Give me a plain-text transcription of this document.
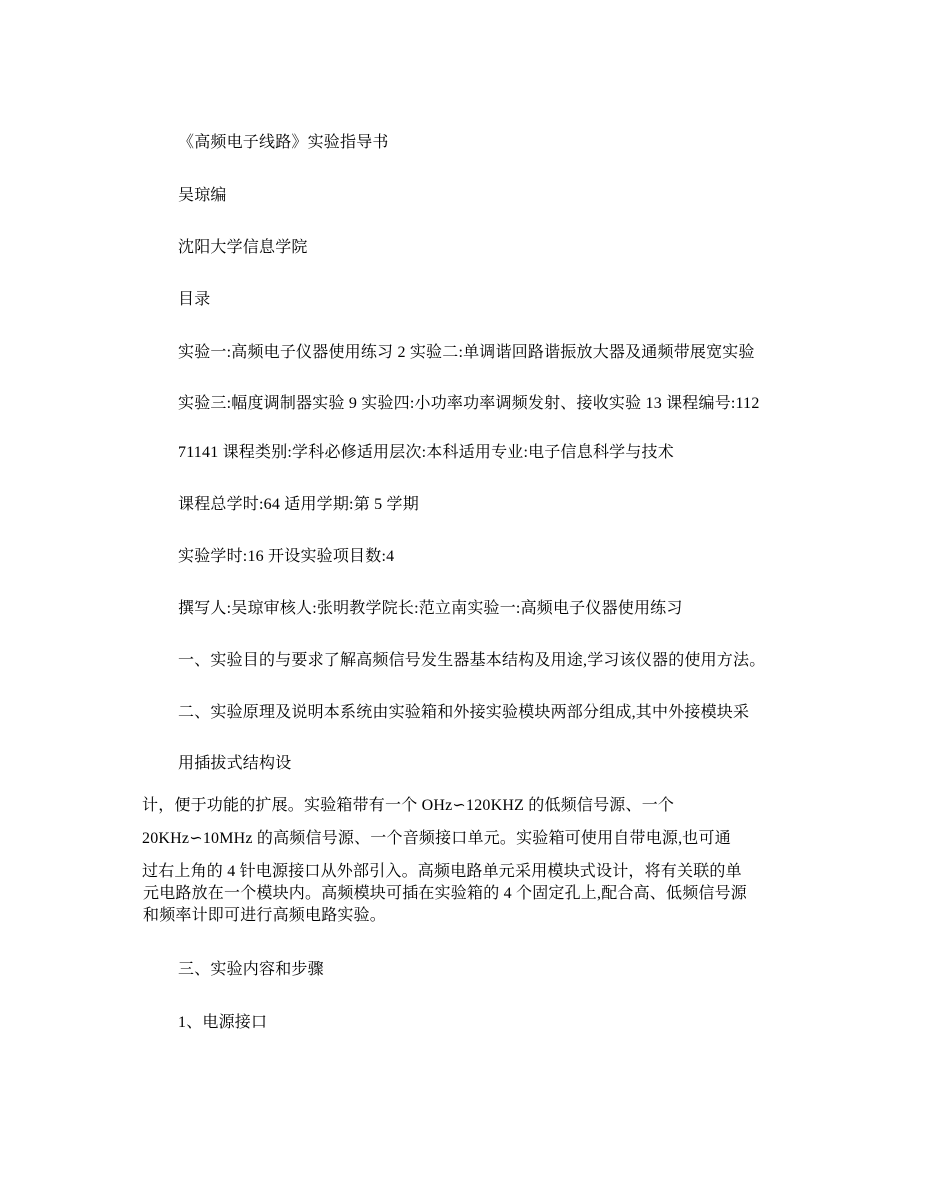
《高频电子线路》实验指导书
吴琼编
沈阳大学信息学院
目录
实验一:高频电子仪器使用练习 2 实验二:单调谐回路谐振放大器及通频带展宽实验
实验三:幅度调制器实验 9 实验四:小功率功率调频发射、接收实验 13 课程编号:112
71141 课程类别:学科必修适用层次:本科适用专业:电子信息科学与技术
课程总学时:64 适用学期:第 5 学期
实验学时:16 开设实验项目数:4
撰写人:吴琼审核人:张明教学院长:范立南实验一:高频电子仪器使用练习
一、实验目的与要求了解高频信号发生器基本结构及用途,学习该仪器的使用方法。
二、实验原理及说明本系统由实验箱和外接实验模块两部分组成,其中外接模块采
用插拔式结构设
计，便于功能的扩展。实验箱带有一个 OHz∽120KHZ 的低频信号源、一个
20KHz∽10MHz 的高频信号源、一个音频接口单元。实验箱可使用自带电源,也可通
过右上角的 4 针电源接口从外部引入。高频电路单元采用模块式设计，将有关联的单
元电路放在一个模块内。高频模块可插在实验箱的 4 个固定孔上,配合高、低频信号源
和频率计即可进行高频电路实验。
三、实验内容和步骤
1、电源接口
